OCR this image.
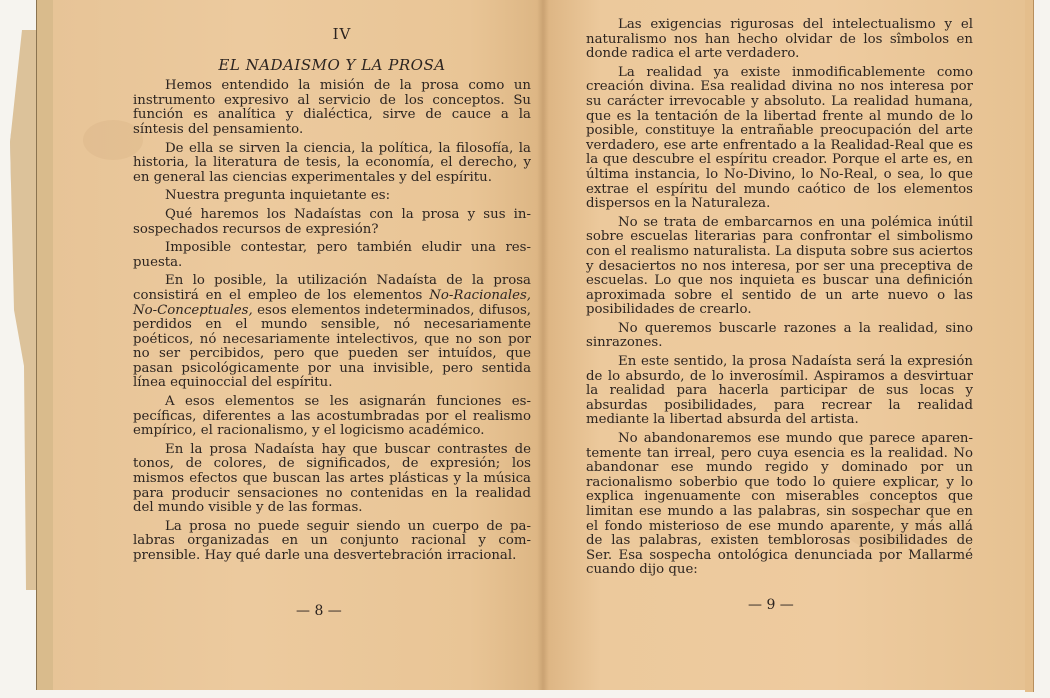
IV
EL NADAISMO Y LA PROSA

Hemos entendido la misión de la prosa como un instrumento expresivo al servicio de los conceptos. Su función es analítica y dialéctica, sirve de cauce a la síntesis del pensamiento.

De ella se sirven la ciencia, la política, la filosofía, la historia, la literatura de tesis, la economía, el derecho, y en general las ciencias experimentales y del espíritu.

Nuestra pregunta inquietante es:

Qué haremos los Nadaístas con la prosa y sus insospechados recursos de expresión?

Imposible contestar, pero también eludir una respuesta.

En lo posible, la utilización Nadaísta de la prosa consistirá en el empleo de los elementos No-Racionales, No-Conceptuales, esos elementos indeterminados, difusos, perdidos en el mundo sensible, nó necesariamente poéticos, nó necesariamente intelectivos, que no son por no ser percibidos, pero que pueden ser intuídos, que pasan psicológicamente por una invisible, pero sentida línea equinoccial del espíritu.

A esos elementos se les asignarán funciones específicas, diferentes a las acostumbradas por el realismo empírico, el racionalismo, y el logicismo académico.

En la prosa Nadaísta hay que buscar contrastes de tonos, de colores, de significados, de expresión; los mismos efectos que buscan las artes plásticas y la música para producir sensaciones no contenidas en la realidad del mundo visible y de las formas.

La prosa no puede seguir siendo un cuerpo de palabras organizadas en un conjunto racional y comprensible. Hay qué darle una desvertebración irracional.

— 8 —

Las exigencias rigurosas del intelectualismo y el naturalismo nos han hecho olvidar de los sîmbolos en donde radica el arte verdadero.

La realidad ya existe inmodificablemente como creación divina. Esa realidad divina no nos interesa por su carácter irrevocable y absoluto. La realidad humana, que es la tentación de la libertad frente al mundo de lo posible, constituye la entrañable preocupación del arte verdadero, ese arte enfrentado a la Realidad-Real que es la que descubre el espíritu creador. Porque el arte es, en última instancia, lo No-Divino, lo No-Real, o sea, lo que extrae el espíritu del mundo caótico de los elementos dispersos en la Naturaleza.

No se trata de embarcarnos en una polémica inútil sobre escuelas literarias para confrontar el simbolismo con el realismo naturalista. La disputa sobre sus aciertos y desaciertos no nos interesa, por ser una preceptiva de escuelas. Lo que nos inquieta es buscar una definición aproximada sobre el sentido de un arte nuevo o las posibilidades de crearlo.

No queremos buscarle razones a la realidad, sino sinrazones.

En este sentido, la prosa Nadaísta será la expresión de lo absurdo, de lo inverosímil. Aspiramos a desvirtuar la realidad para hacerla participar de sus locas y absurdas posibilidades, para recrear la realidad mediante la libertad absurda del artista.

No abandonaremos ese mundo que parece aparentemente tan irreal, pero cuya esencia es la realidad. No abandonar ese mundo regido y dominado por un racionalismo soberbio que todo lo quiere explicar, y lo explica ingenuamente con miserables conceptos que limitan ese mundo a las palabras, sin sospechar que en el fondo misterioso de ese mundo aparente, y más allá de las palabras, existen temblorosas posibilidades de Ser. Esa sospecha ontológica denunciada por Mallarmé cuando dijo que:

— 9 —
